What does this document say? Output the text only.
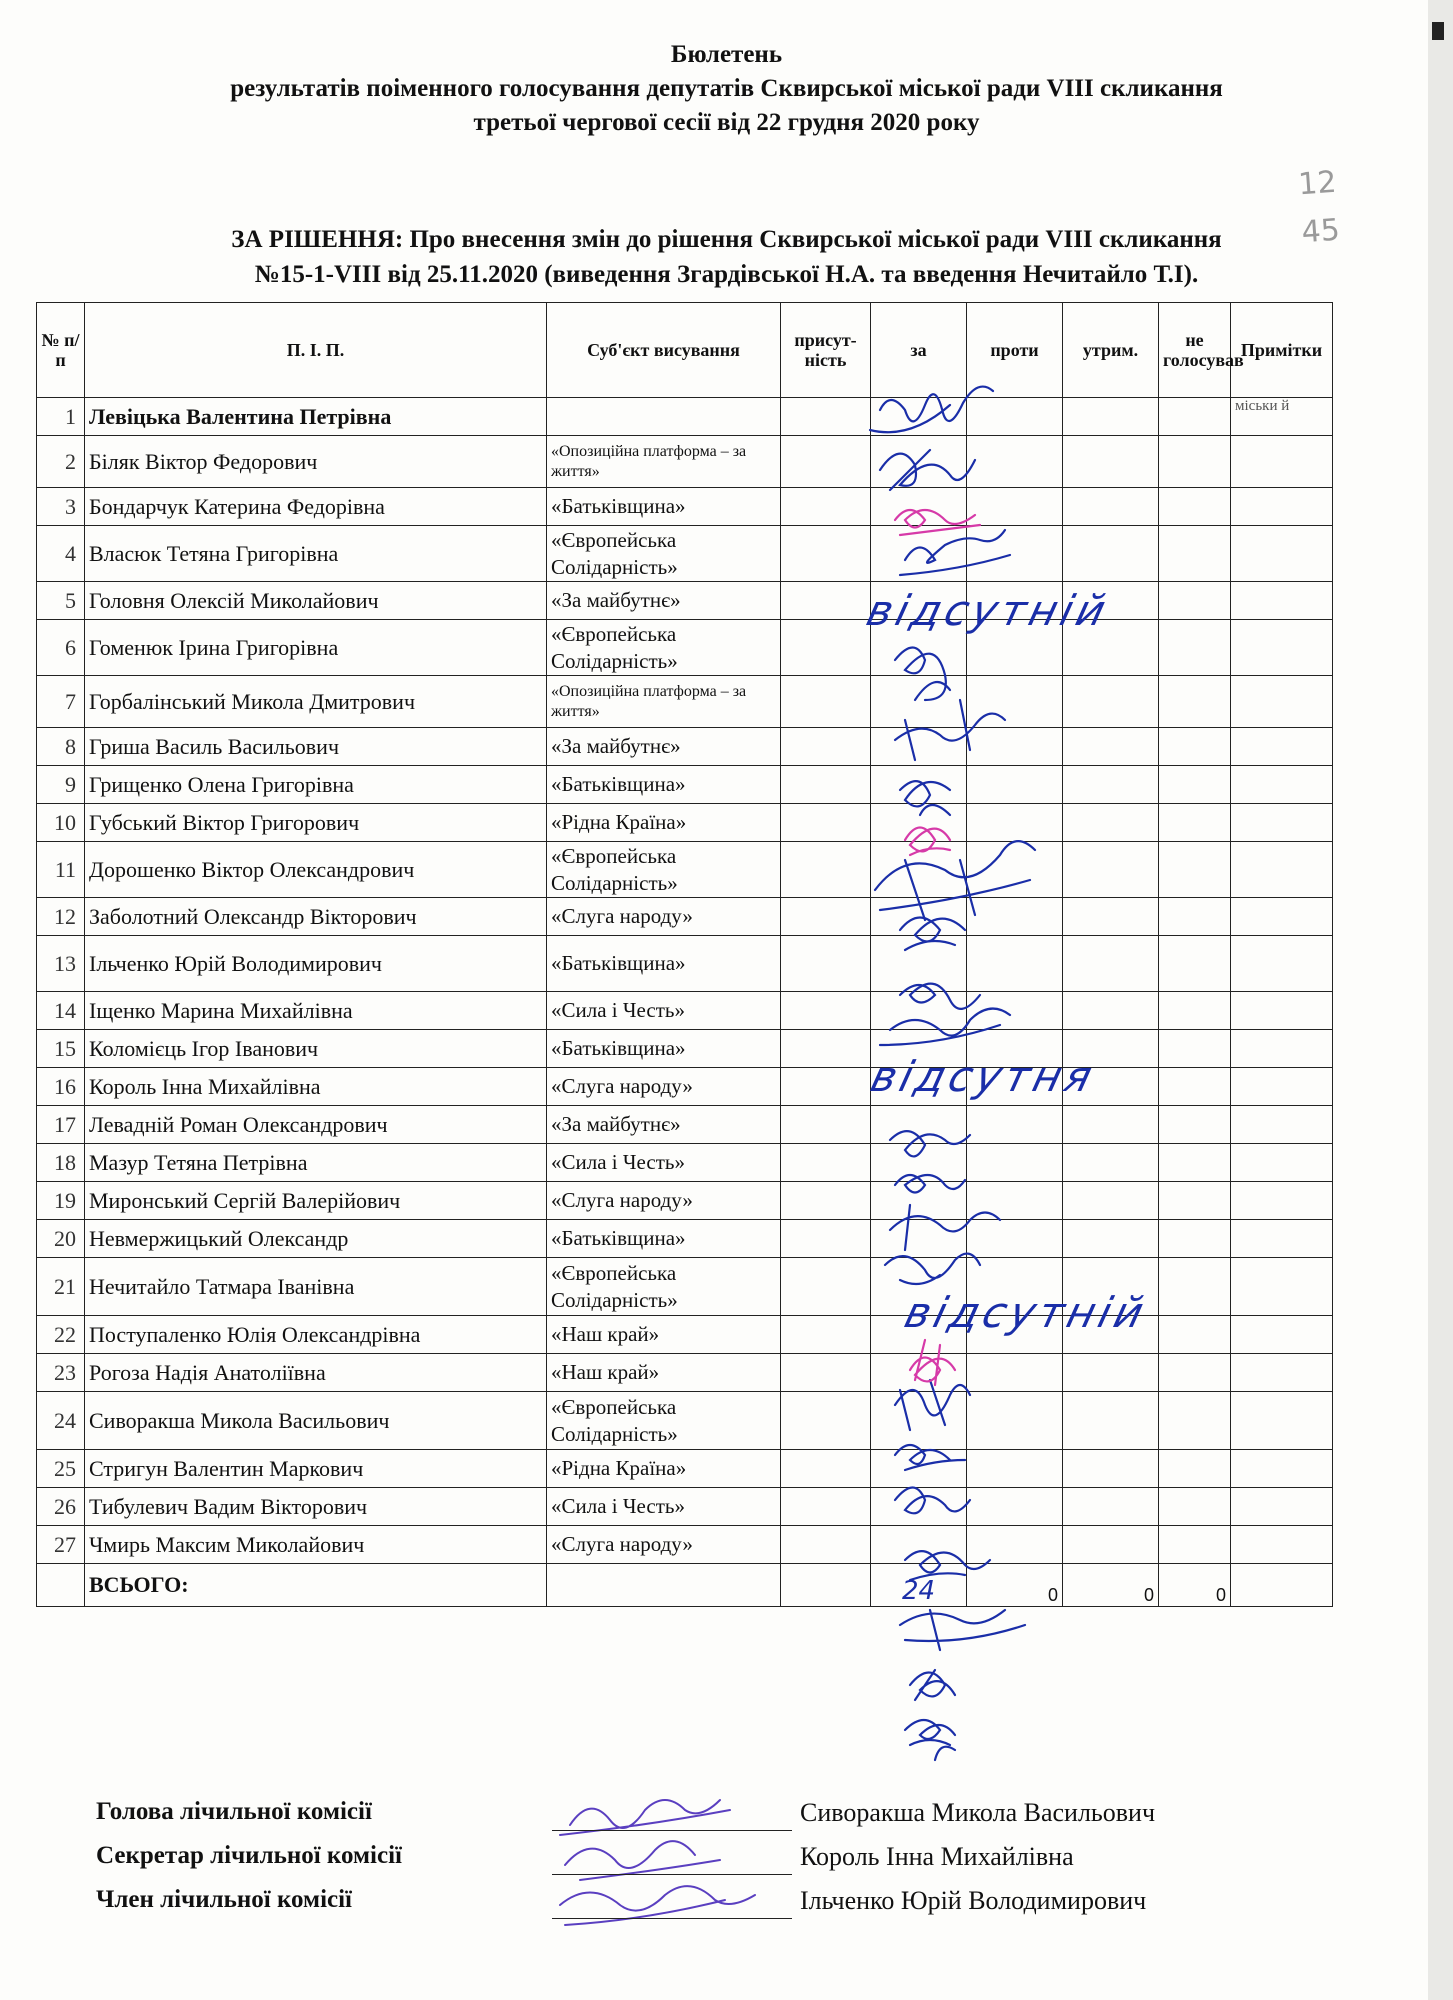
Бюлетень
результатів поіменного голосування депутатів Сквирської міської ради VIII скликання
третьої чергової сесії від 22 грудня 2020 року
12
45
ЗА РІШЕННЯ: Про внесення змін до рішення Сквирської міської ради VIII скликання
№15-1-VIII від 25.11.2020 (виведення Згардівської Н.А. та введення Нечитайло Т.І).
№ п/п	П. І. П.	Суб'єкт висування	присут-ність	за	проти	утрим.	не голосував	Примітки
1	Левіцька Валентина Петрівна							міськи й
2	Біляк Віктор Федорович	«Опозиційна платформа – за життя»						
3	Бондарчук Катерина Федорівна	«Батьківщина»						
4	Власюк Тетяна Григорівна	«Європейська Солідарність»						
5	Головня Олексій Миколайович	«За майбутнє»						
6	Гоменюк Ірина Григорівна	«Європейська Солідарність»						
7	Горбалінський Микола Дмитрович	«Опозиційна платформа – за життя»						
8	Гриша Василь Васильович	«За майбутнє»						
9	Грищенко Олена Григорівна	«Батьківщина»						
10	Губський Віктор Григорович	«Рідна Країна»						
11	Дорошенко Віктор Олександрович	«Європейська Солідарність»						
12	Заболотний Олександр Вікторович	«Слуга народу»						
13	Ільченко Юрій Володимирович	«Батьківщина»						
14	Іщенко Марина Михайлівна	«Сила і Честь»						
15	Коломієць Ігор Іванович	«Батьківщина»						
16	Король Інна Михайлівна	«Слуга народу»						
17	Левадній Роман Олександрович	«За майбутнє»						
18	Мазур Тетяна Петрівна	«Сила і Честь»						
19	Миронський Сергій Валерійович	«Слуга народу»						
20	Невмержицький Олександр	«Батьківщина»						
21	Нечитайло Татмара Іванівна	«Європейська Солідарність»						
22	Поступаленко Юлія Олександрівна	«Наш край»						
23	Рогоза Надія Анатоліївна	«Наш край»						
24	Сиворакша Микола Васильович	«Європейська Солідарність»						
25	Стригун Валентин Маркович	«Рідна Країна»						
26	Тибулевич Вадим Вікторович	«Сила і Честь»						
27	Чмирь Максим Миколайович	«Слуга народу»						
	ВСЬОГО:			24	0	0	0	
відсутній
відсутня
відсутній
Голова лічильної комісії	Сиворакша Микола Васильович
Секретар лічильної комісії	Король Інна Михайлівна
Член лічильної комісії	Ільченко Юрій Володимирович
